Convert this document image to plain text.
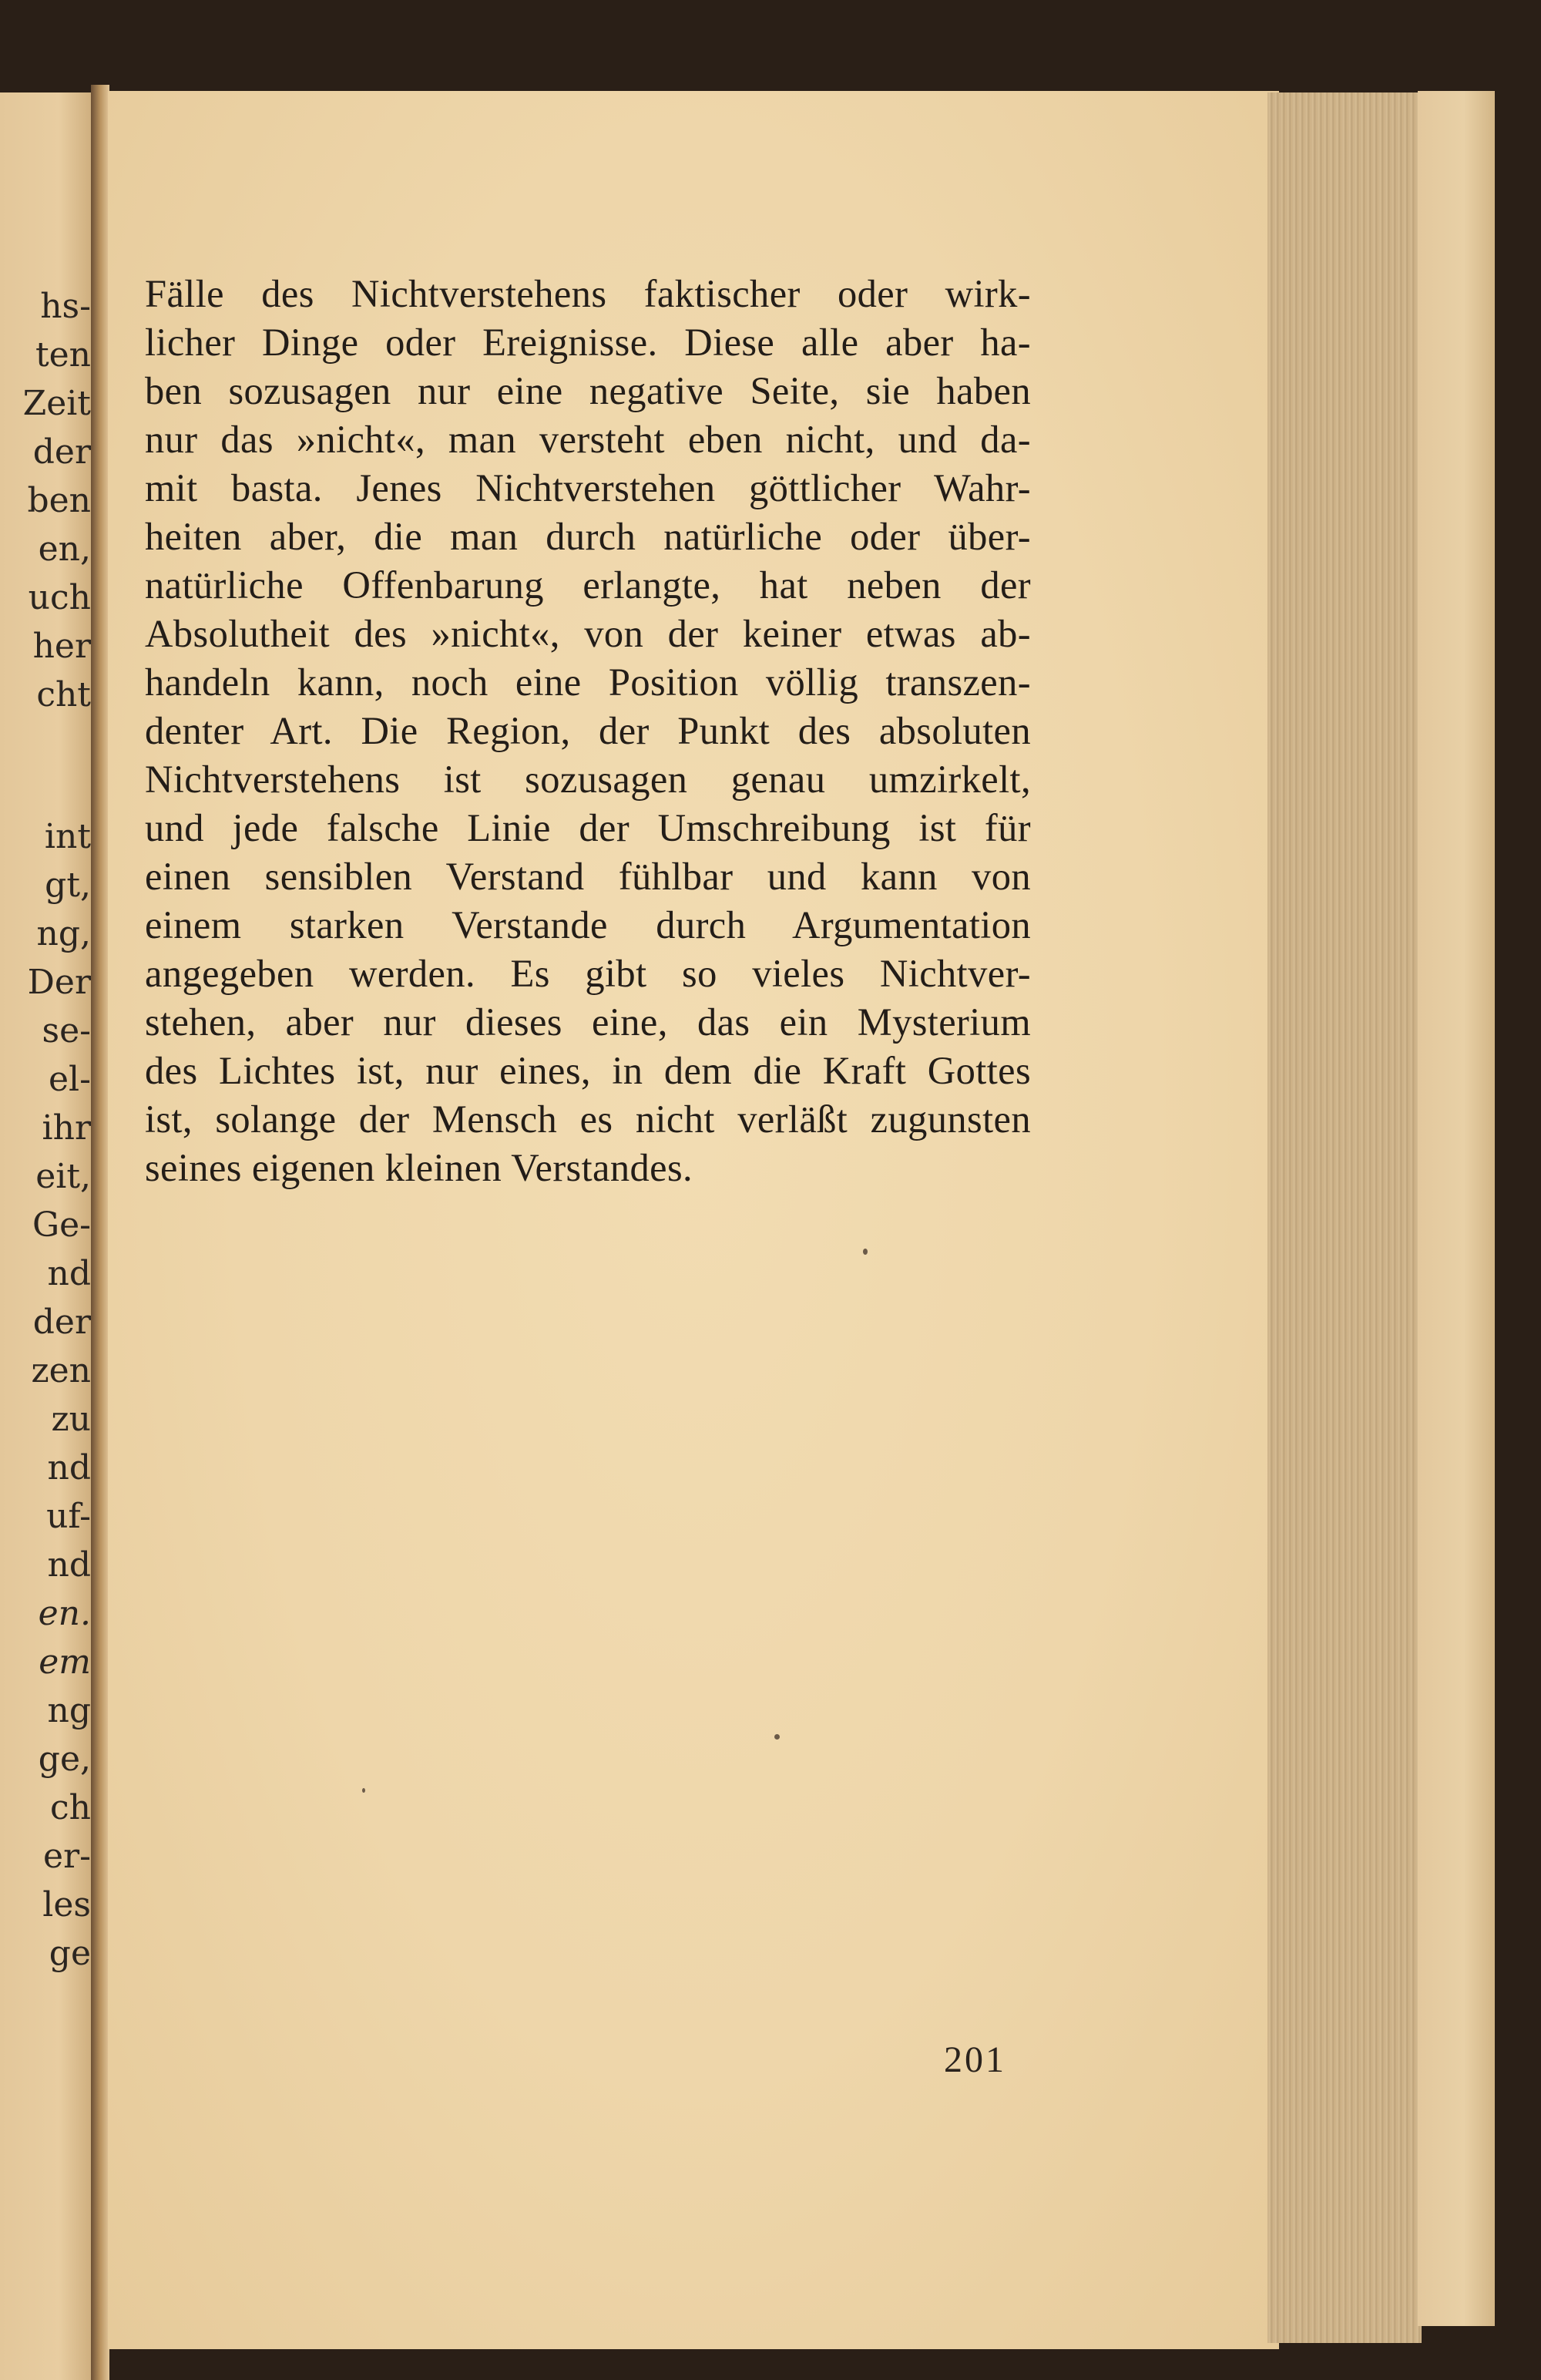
hs-
ten
Zeit
der
ben
en,
uch
her
cht
int
gt,
ng,
Der
se-
el-
ihr
eit,
Ge-
nd
der
zen
zu
nd
uf-
nd
en.
em
ng
ge,
ch
er-
les
ge
Fälle des Nichtverstehens faktischer oder wirk-
licher Dinge oder Ereignisse. Diese alle aber ha-
ben sozusagen nur eine negative Seite, sie haben
nur das »nicht«, man versteht eben nicht, und da-
mit basta. Jenes Nichtverstehen göttlicher Wahr-
heiten aber, die man durch natürliche oder über-
natürliche Offenbarung erlangte, hat neben der
Absolutheit des »nicht«, von der keiner etwas ab-
handeln kann, noch eine Position völlig transzen-
denter Art. Die Region, der Punkt des absoluten
Nichtverstehens ist sozusagen genau umzirkelt,
und jede falsche Linie der Umschreibung ist für
einen sensiblen Verstand fühlbar und kann von
einem starken Verstande durch Argumentation
angegeben werden. Es gibt so vieles Nichtver-
stehen, aber nur dieses eine, das ein Mysterium
des Lichtes ist, nur eines, in dem die Kraft Gottes
ist, solange der Mensch es nicht verläßt zugunsten
seines eigenen kleinen Verstandes.
201
